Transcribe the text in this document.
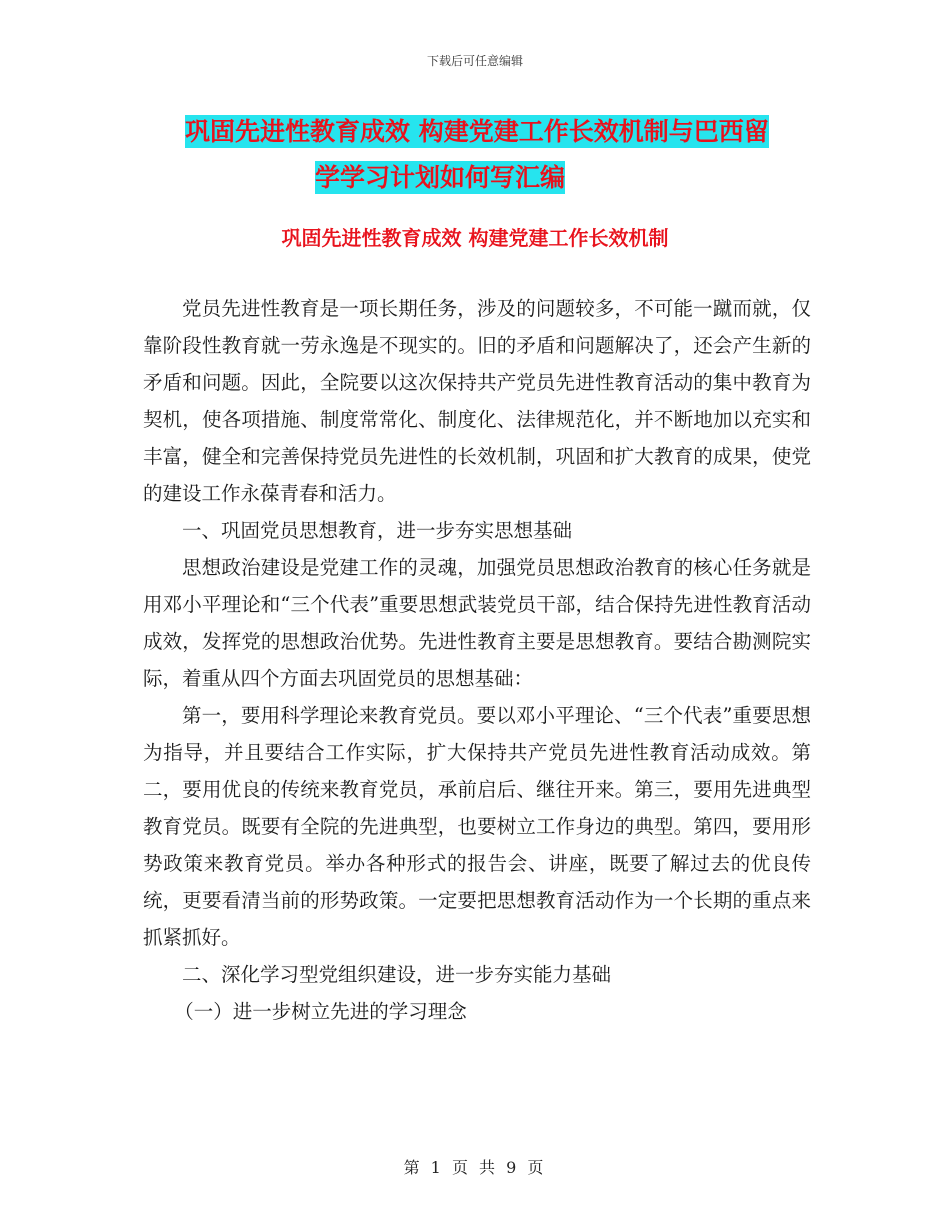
下载后可任意编辑
巩固先进性教育成效 构建党建工作长效机制与巴西留
学学习计划如何写汇编
巩固先进性教育成效 构建党建工作长效机制

党员先进性教育是一项长期任务，涉及的问题较多，不可能一蹴而就，仅靠阶段性教育就一劳永逸是不现实的。旧的矛盾和问题解决了，还会产生新的矛盾和问题。因此，全院要以这次保持共产党员先进性教育活动的集中教育为契机，使各项措施、制度常常化、制度化、法律规范化，并不断地加以充实和丰富，健全和完善保持党员先进性的长效机制，巩固和扩大教育的成果，使党的建设工作永葆青春和活力。

一、巩固党员思想教育，进一步夯实思想基础

思想政治建设是党建工作的灵魂，加强党员思想政治教育的核心任务就是用邓小平理论和“三个代表”重要思想武装党员干部，结合保持先进性教育活动成效，发挥党的思想政治优势。先进性教育主要是思想教育。要结合勘测院实际，着重从四个方面去巩固党员的思想基础：

第一，要用科学理论来教育党员。要以邓小平理论、“三个代表”重要思想为指导，并且要结合工作实际，扩大保持共产党员先进性教育活动成效。第二，要用优良的传统来教育党员，承前启后、继往开来。第三，要用先进典型教育党员。既要有全院的先进典型，也要树立工作身边的典型。第四，要用形势政策来教育党员。举办各种形式的报告会、讲座，既要了解过去的优良传统，更要看清当前的形势政策。一定要把思想教育活动作为一个长期的重点来抓紧抓好。

二、深化学习型党组织建设，进一步夯实能力基础

（一）进一步树立先进的学习理念

第 1 页 共 9 页
